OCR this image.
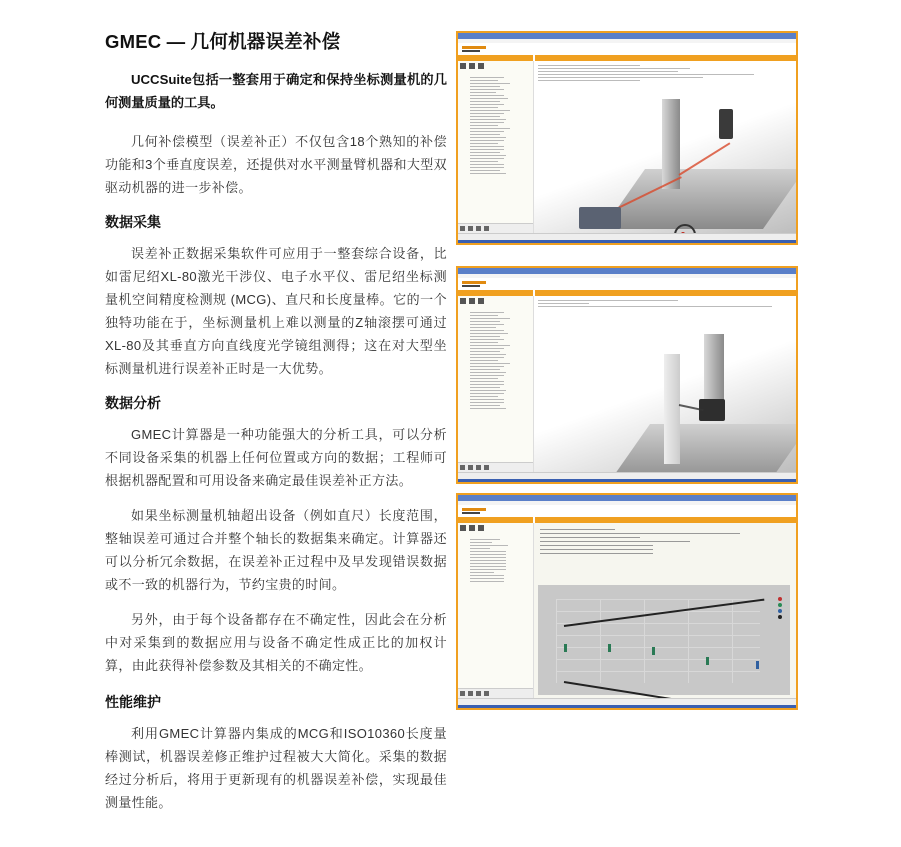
GMEC — 几何机器误差补偿
UCCSuite包括一整套用于确定和保持坐标测量机的几何测量质量的工具。
几何补偿模型（误差补正）不仅包含18个熟知的补偿功能和3个垂直度误差，还提供对水平测量臂机器和大型双驱动机器的进一步补偿。
数据采集
误差补正数据采集软件可应用于一整套综合设备，比如雷尼绍XL-80激光干涉仪、电子水平仪、雷尼绍坐标测量机空间精度检测规 (MCG)、直尺和长度量棒。它的一个独特功能在于，坐标测量机上难以测量的Z轴滚摆可通过XL-80及其垂直方向直线度光学镜组测得；这在对大型坐标测量机进行误差补正时是一大优势。
数据分析
GMEC计算器是一种功能强大的分析工具，可以分析不同设备采集的机器上任何位置或方向的数据；工程师可根据机器配置和可用设备来确定最佳误差补正方法。
如果坐标测量机轴超出设备（例如直尺）长度范围，整轴误差可通过合并整个轴长的数据集来确定。计算器还可以分析冗余数据，在误差补正过程中及早发现错误数据或不一致的机器行为，节约宝贵的时间。
另外，由于每个设备都存在不确定性，因此会在分析中对采集到的数据应用与设备不确定性成正比的加权计算，由此获得补偿参数及其相关的不确定性。
性能维护
利用GMEC计算器内集成的MCG和ISO10360长度量棒测试，机器误差修正维护过程被大大简化。采集的数据经过分析后，将用于更新现有的机器误差补偿，实现最佳测量性能。
